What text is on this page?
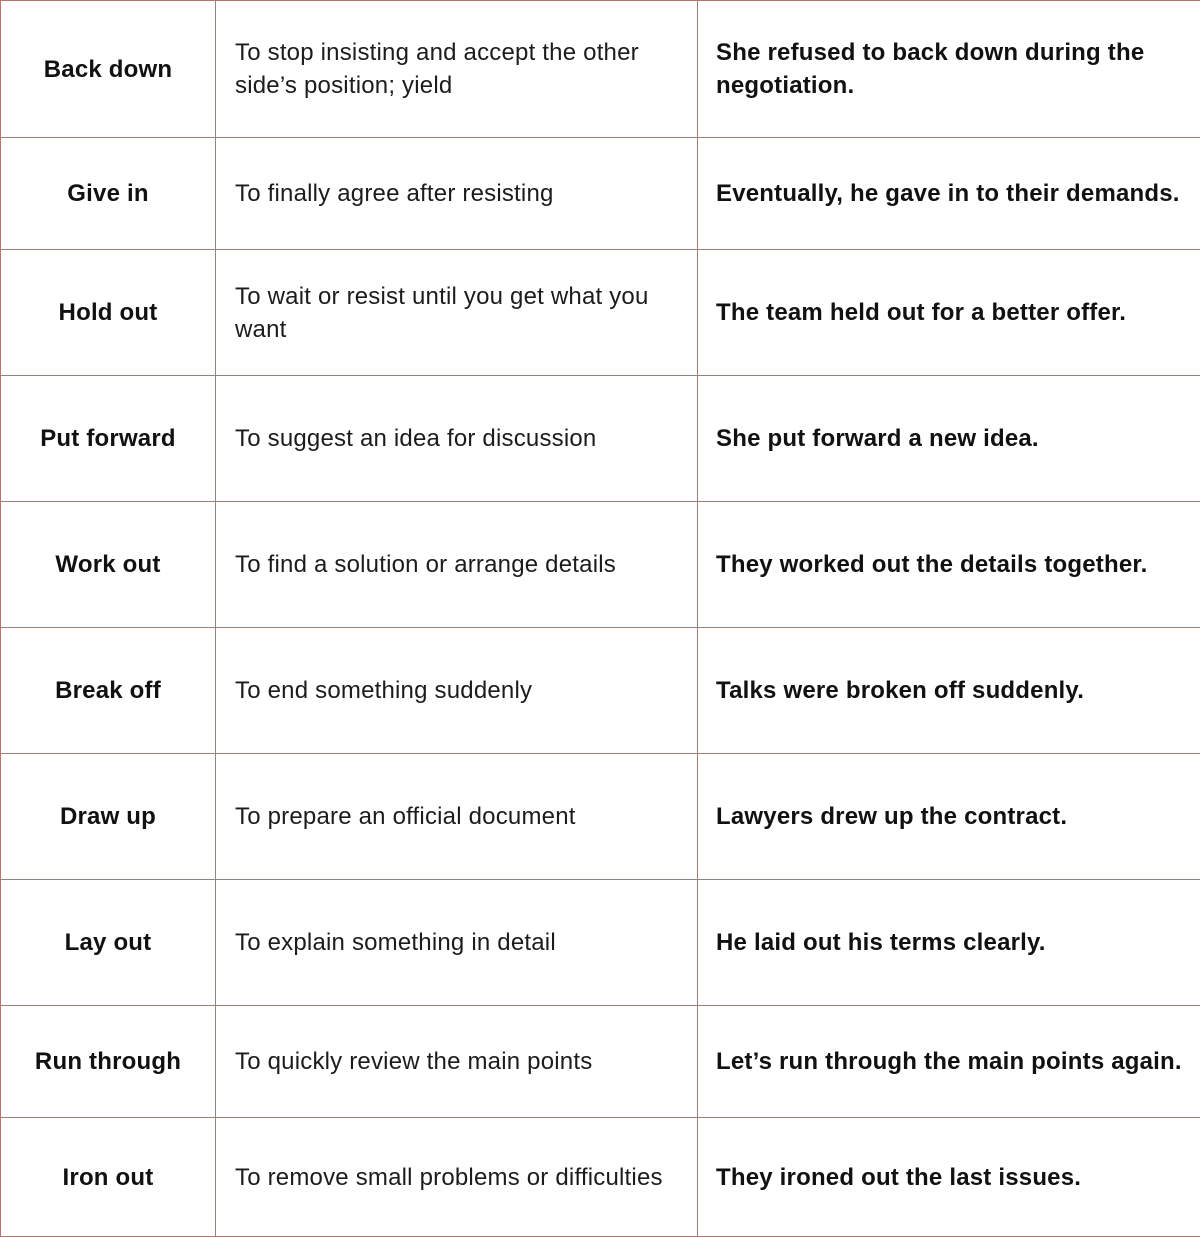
Back down	To stop insisting and accept the other side’s position; yield	She refused to back down during the negotiation.
Give in	To finally agree after resisting	Eventually, he gave in to their demands.
Hold out	To wait or resist until you get what you want	The team held out for a better offer.
Put forward	To suggest an idea for discussion	She put forward a new idea.
Work out	To find a solution or arrange details	They worked out the details together.
Break off	To end something suddenly	Talks were broken off suddenly.
Draw up	To prepare an official document	Lawyers drew up the contract.
Lay out	To explain something in detail	He laid out his terms clearly.
Run through	To quickly review the main points	Let’s run through the main points again.
Iron out	To remove small problems or difficulties	They ironed out the last issues.
